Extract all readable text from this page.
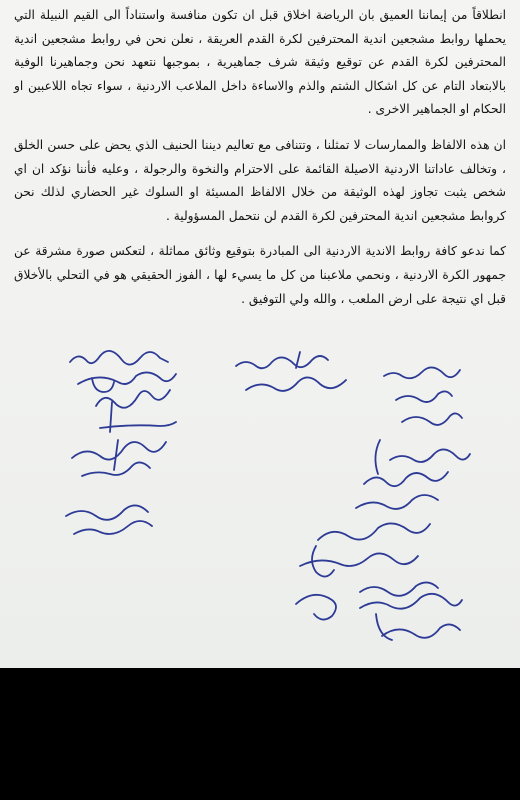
انطلاقاً من إيماننا العميق بان الرياضة اخلاق قبل ان تكون منافسة واستناداً الى القيم النبيلة التي يحملها روابط مشجعين اندية المحترفين لكرة القدم العريقة ، نعلن نحن في روابط مشجعين اندية المحترفين لكرة القدم عن توقيع وثيقة شرف جماهيرية ، بموجبها نتعهد نحن وجماهيرنا الوفية بالابتعاد التام عن كل اشكال الشتم والذم والاساءة داخل الملاعب الاردنية ، سواء تجاه اللاعبين او الحكام او الجماهير الاخرى .

ان هذه الالفاظ والممارسات لا تمثلنا ، وتتنافى مع تعاليم ديننا الحنيف الذي يحض على حسن الخلق ، وتخالف عاداتنا الاردنية الاصيلة القائمة على الاحترام والنخوة والرجولة ، وعليه فأننا نؤكد ان اي شخص يثبت تجاوز لهذه الوثيقة من خلال الالفاظ المسيئة او السلوك غير الحضاري لذلك نحن كروابط مشجعين اندية المحترفين لكرة القدم لن نتحمل المسؤولية .

كما ندعو كافة روابط الاندية الاردنية الى المبادرة بتوقيع وثائق مماثلة ، لتعكس صورة مشرقة عن جمهور الكرة الاردنية ، ونحمي ملاعبنا من كل ما يسيء لها ، الفوز الحقيقي هو في التحلي بالأخلاق قبل اي نتيجة على ارض الملعب ، والله ولي التوفيق .
